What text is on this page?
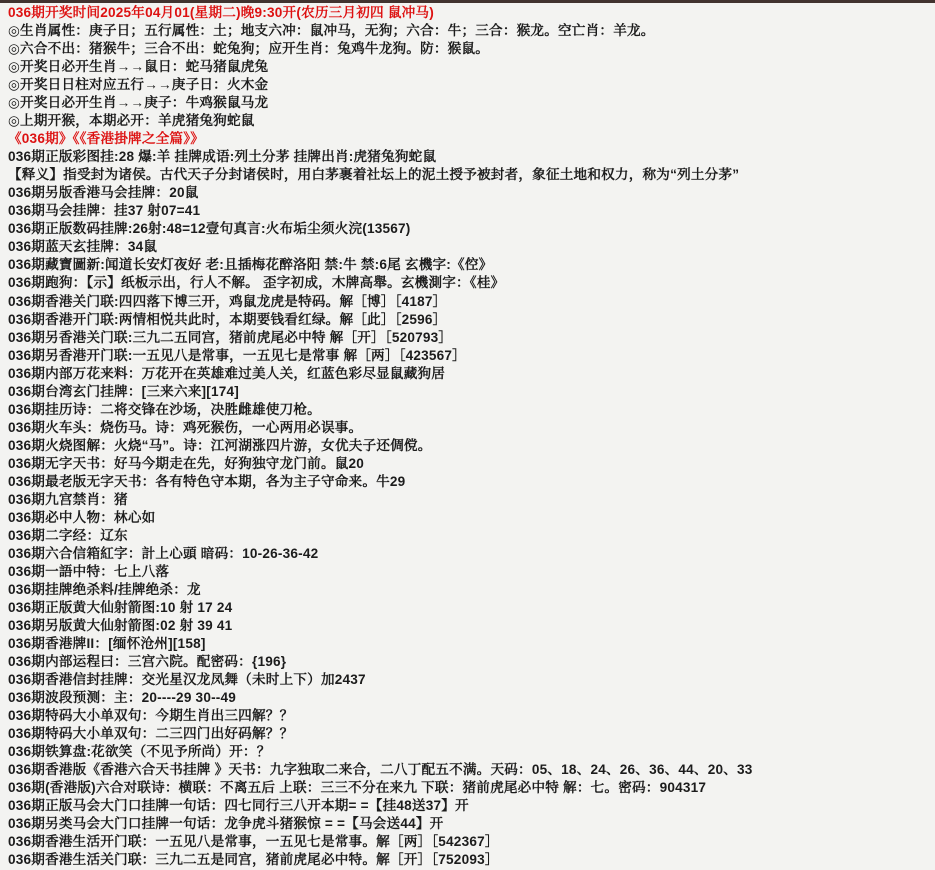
036期开奖时间2025年04月01(星期二)晚9:30开(农历三月初四 鼠冲马)
◎生肖属性：庚子日；五行属性：土；地支六冲：鼠冲马，无狗；六合：牛；三合：猴龙。空亡肖：羊龙。
◎六合不出：猪猴牛；三合不出：蛇兔狗；应开生肖：兔鸡牛龙狗。防：猴鼠。
◎开奖日必开生肖→→鼠日：蛇马猪鼠虎兔
◎开奖日日柱对应五行→→庚子日：火木金
◎开奖日必开生肖→→庚子：牛鸡猴鼠马龙
◎上期开猴，本期必开：羊虎猪兔狗蛇鼠
《036期》《《香港掛牌之全篇》》
036期正版彩图挂:28 爆:羊 挂牌成语:列土分茅 挂牌出肖:虎猪兔狗蛇鼠
【释义】指受封为诸侯。古代天子分封诸侯时，用白茅裹着社坛上的泥土授予被封者，象征土地和权力，称为“列土分茅”
036期另版香港马会挂牌：20鼠
036期马会挂牌：挂37 射07=41
036期正版数码挂牌:26射:48=12壹句真言:火布垢尘须火浣(13567)
036期蓝天玄挂牌：34鼠
036期藏寶圖新:闻道长安灯夜好 老:且插梅花醉洛阳 禁:牛 禁:6尾 玄機字:《倥》
036期跑狗：【示】纸板示出，行人不解。 歪字初成，木牌高舉。玄機測字：《桂》
036期香港关门联:四四落下博三开，鸡鼠龙虎是特码。解［博］［4187］
036期香港开门联:两情相悦共此时，本期要钱看红绿。解［此］［2596］
036期另香港关门联:三九二五同宫，猪前虎尾必中特 解［开］［520793］
036期另香港开门联:一五见八是常事，一五见七是常事 解［两］［423567］
036期内部万花来料：万花开在英雄难过美人关，红蓝色彩尽显鼠藏狗居
036期台湾玄门挂牌：[三来六来][174]
036期挂历诗：二将交锋在沙场，决胜雌雄使刀枪。
036期火车头：烧伤马。诗：鸡死猴伤，一心两用必误事。
036期火烧图解：火烧“马”。诗：江河湖涨四片游，女优夫子还倜傥。
036期无字天书：好马今期走在先，好狗独守龙门前。鼠20
036期最老版无字天书：各有特色守本期，各为主子守命来。牛29
036期九宫禁肖：猪
036期必中人物：林心如
036期二字经：辽东
036期六合信箱紅字：計上心頭 暗码：10-26-36-42
036期一語中特：七上八落
036期挂牌绝杀料/挂牌绝杀：龙
036期正版黄大仙射箭图:10 射 17 24
036期另版黄大仙射箭图:02 射 39 41
036期香港牌II：[缅怀沧州][158]
036期内部运程曰：三宫六院。配密码：{196}
036期香港信封挂牌：交光星汉龙凤舞（未时上下）加2437
036期波段预测：主：20----29 30--49
036期特码大小单双句：今期生肖出三四解？？
036期特码大小单双句：二三四门出好码解？？
036期铁算盘:花欲笑（不见予所尚）开：？
036期香港版《香港六合天书挂牌 》天书：九字独取二来合，二八丁配五不满。天码：05、18、24、26、36、44、20、33
036期(香港版)六合对联诗：横联：不离五后 上联：三三不分在来九 下联：猪前虎尾必中特 解：七。密码：904317
036期正版马会大门口挂牌一句话：四七同行三八开本期= =【挂48送37】开
036期另类马会大门口挂牌一句话：龙争虎斗猪猴惊 = =【马会送44】开
036期香港生活开门联：一五见八是常事，一五见七是常事。解［两］［542367］
036期香港生活关门联：三九二五是同宫，猪前虎尾必中特。解［开］［752093］
